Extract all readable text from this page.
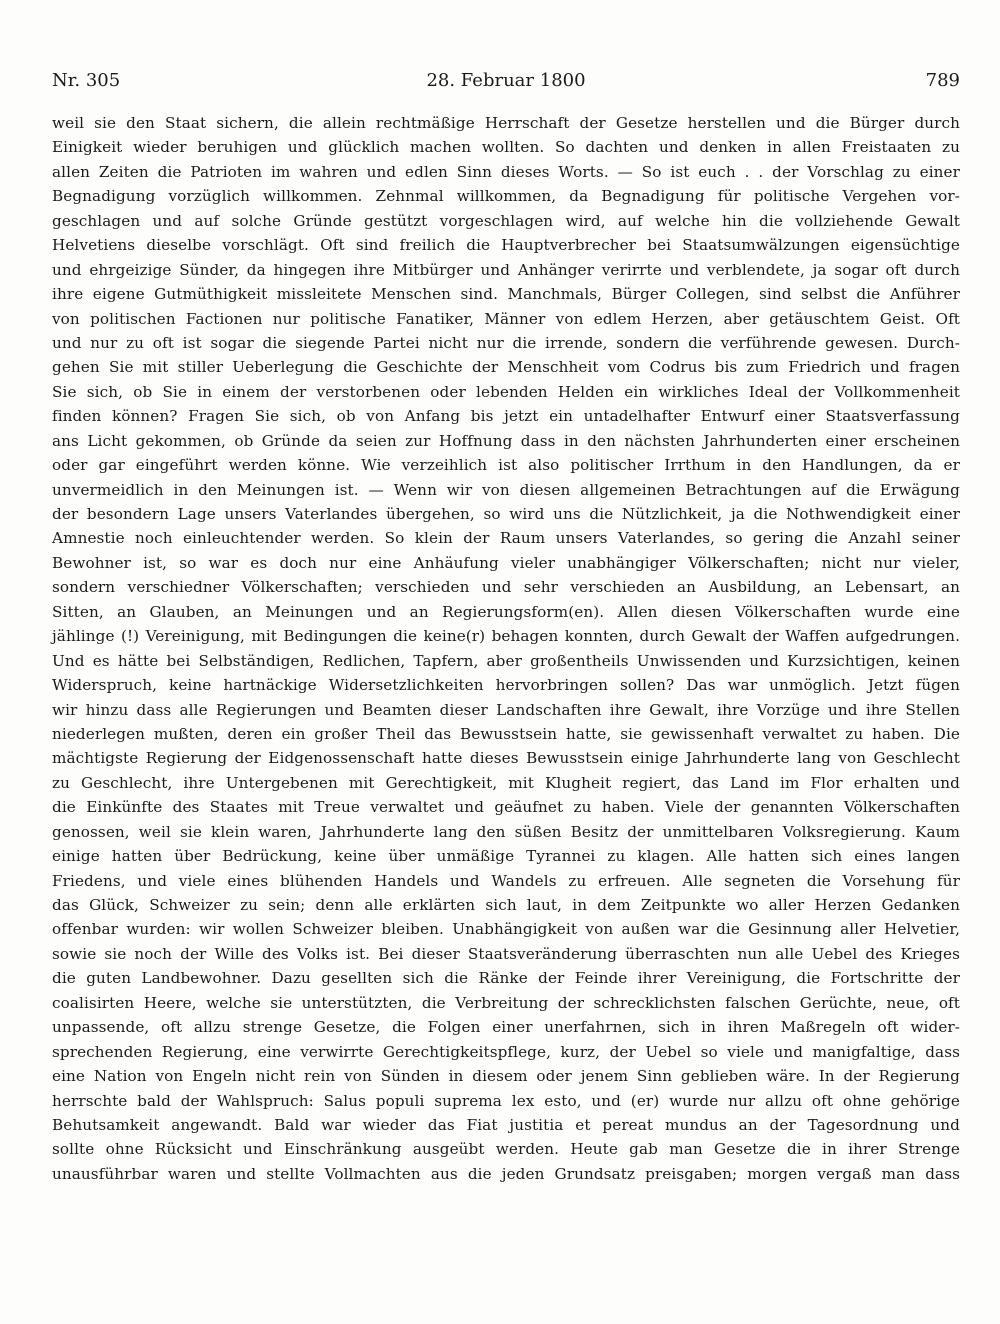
Nr. 305	28. Februar 1800	789
weil sie den Staat sichern, die allein rechtmäßige Herrschaft der Gesetze herstellen und die Bürger durch
Einigkeit wieder beruhigen und glücklich machen wollten. So dachten und denken in allen Freistaaten zu
allen Zeiten die Patrioten im wahren und edlen Sinn dieses Worts. — So ist euch . . der Vorschlag zu einer
Begnadigung vorzüglich willkommen. Zehnmal willkommen, da Begnadigung für politische Vergehen vor-
geschlagen und auf solche Gründe gestützt vorgeschlagen wird, auf welche hin die vollziehende Gewalt
Helvetiens dieselbe vorschlägt. Oft sind freilich die Hauptverbrecher bei Staatsumwälzungen eigensüchtige
und ehrgeizige Sünder, da hingegen ihre Mitbürger und Anhänger verirrte und verblendete, ja sogar oft durch
ihre eigene Gutmüthigkeit missleitete Menschen sind. Manchmals, Bürger Collegen, sind selbst die Anführer
von politischen Factionen nur politische Fanatiker, Männer von edlem Herzen, aber getäuschtem Geist. Oft
und nur zu oft ist sogar die siegende Partei nicht nur die irrende, sondern die verführende gewesen. Durch-
gehen Sie mit stiller Ueberlegung die Geschichte der Menschheit vom Codrus bis zum Friedrich und fragen
Sie sich, ob Sie in einem der verstorbenen oder lebenden Helden ein wirkliches Ideal der Vollkommenheit
finden können? Fragen Sie sich, ob von Anfang bis jetzt ein untadelhafter Entwurf einer Staatsverfassung
ans Licht gekommen, ob Gründe da seien zur Hoffnung dass in den nächsten Jahrhunderten einer erscheinen
oder gar eingeführt werden könne. Wie verzeihlich ist also politischer Irrthum in den Handlungen, da er
unvermeidlich in den Meinungen ist. — Wenn wir von diesen allgemeinen Betrachtungen auf die Erwägung
der besondern Lage unsers Vaterlandes übergehen, so wird uns die Nützlichkeit, ja die Nothwendigkeit einer
Amnestie noch einleuchtender werden. So klein der Raum unsers Vaterlandes, so gering die Anzahl seiner
Bewohner ist, so war es doch nur eine Anhäufung vieler unabhängiger Völkerschaften; nicht nur vieler,
sondern verschiedner Völkerschaften; verschieden und sehr verschieden an Ausbildung, an Lebensart, an
Sitten, an Glauben, an Meinungen und an Regierungsform(en). Allen diesen Völkerschaften wurde eine
jählinge (!) Vereinigung, mit Bedingungen die keine(r) behagen konnten, durch Gewalt der Waffen aufgedrungen.
Und es hätte bei Selbständigen, Redlichen, Tapfern, aber großentheils Unwissenden und Kurzsichtigen, keinen
Widerspruch, keine hartnäckige Widersetzlichkeiten hervorbringen sollen? Das war unmöglich. Jetzt fügen
wir hinzu dass alle Regierungen und Beamten dieser Landschaften ihre Gewalt, ihre Vorzüge und ihre Stellen
niederlegen mußten, deren ein großer Theil das Bewusstsein hatte, sie gewissenhaft verwaltet zu haben. Die
mächtigste Regierung der Eidgenossenschaft hatte dieses Bewusstsein einige Jahrhunderte lang von Geschlecht
zu Geschlecht, ihre Untergebenen mit Gerechtigkeit, mit Klugheit regiert, das Land im Flor erhalten und
die Einkünfte des Staates mit Treue verwaltet und geäufnet zu haben. Viele der genannten Völkerschaften
genossen, weil sie klein waren, Jahrhunderte lang den süßen Besitz der unmittelbaren Volksregierung. Kaum
einige hatten über Bedrückung, keine über unmäßige Tyrannei zu klagen. Alle hatten sich eines langen
Friedens, und viele eines blühenden Handels und Wandels zu erfreuen. Alle segneten die Vorsehung für
das Glück, Schweizer zu sein; denn alle erklärten sich laut, in dem Zeitpunkte wo aller Herzen Gedanken
offenbar wurden: wir wollen Schweizer bleiben. Unabhängigkeit von außen war die Gesinnung aller Helvetier,
sowie sie noch der Wille des Volks ist. Bei dieser Staatsveränderung überraschten nun alle Uebel des Krieges
die guten Landbewohner. Dazu gesellten sich die Ränke der Feinde ihrer Vereinigung, die Fortschritte der
coalisirten Heere, welche sie unterstützten, die Verbreitung der schrecklichsten falschen Gerüchte, neue, oft
unpassende, oft allzu strenge Gesetze, die Folgen einer unerfahrnen, sich in ihren Maßregeln oft wider-
sprechenden Regierung, eine verwirrte Gerechtigkeitspflege, kurz, der Uebel so viele und manigfaltige, dass
eine Nation von Engeln nicht rein von Sünden in diesem oder jenem Sinn geblieben wäre. In der Regierung
herrschte bald der Wahlspruch: Salus populi suprema lex esto, und (er) wurde nur allzu oft ohne gehörige
Behutsamkeit angewandt. Bald war wieder das Fiat justitia et pereat mundus an der Tagesordnung und
sollte ohne Rücksicht und Einschränkung ausgeübt werden. Heute gab man Gesetze die in ihrer Strenge
unausführbar waren und stellte Vollmachten aus die jeden Grundsatz preisgaben; morgen vergaß man dass
